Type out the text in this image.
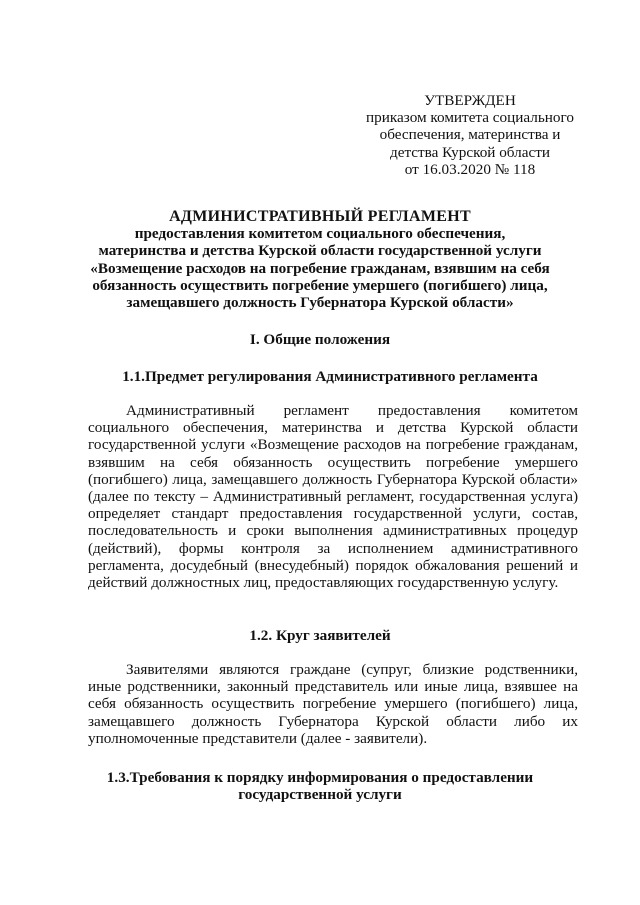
УТВЕРЖДЕН
приказом комитета социального
обеспечения, материнства и
детства Курской области
от 16.03.2020 № 118
АДМИНИСТРАТИВНЫЙ РЕГЛАМЕНТ
предоставления комитетом социального обеспечения,
материнства и детства Курской области государственной услуги
«Возмещение расходов на погребение гражданам, взявшим на себя
обязанность осуществить погребение умершего (погибшего) лица,
замещавшего должность Губернатора Курской области»
I. Общие положения
1.1.Предмет регулирования Административного регламента
Административный регламент предоставления комитетом
социального обеспечения, материнства и детства Курской области
государственной услуги «Возмещение расходов на погребение гражданам,
взявшим на себя обязанность осуществить погребение умершего
(погибшего) лица, замещавшего должность Губернатора Курской области»
(далее по тексту – Административный регламент, государственная услуга)
определяет стандарт предоставления государственной услуги, состав,
последовательность и сроки выполнения административных процедур
(действий), формы контроля за исполнением административного
регламента, досудебный (внесудебный) порядок обжалования решений и
действий должностных лиц, предоставляющих государственную услугу.
1.2. Круг заявителей
Заявителями являются граждане (супруг, близкие родственники,
иные родственники, законный представитель или иные лица, взявшее на
себя обязанность осуществить погребение умершего (погибшего) лица,
замещавшего должность Губернатора Курской области либо их
уполномоченные представители (далее - заявители).
1.3.Требования к порядку информирования о предоставлении
государственной услуги
